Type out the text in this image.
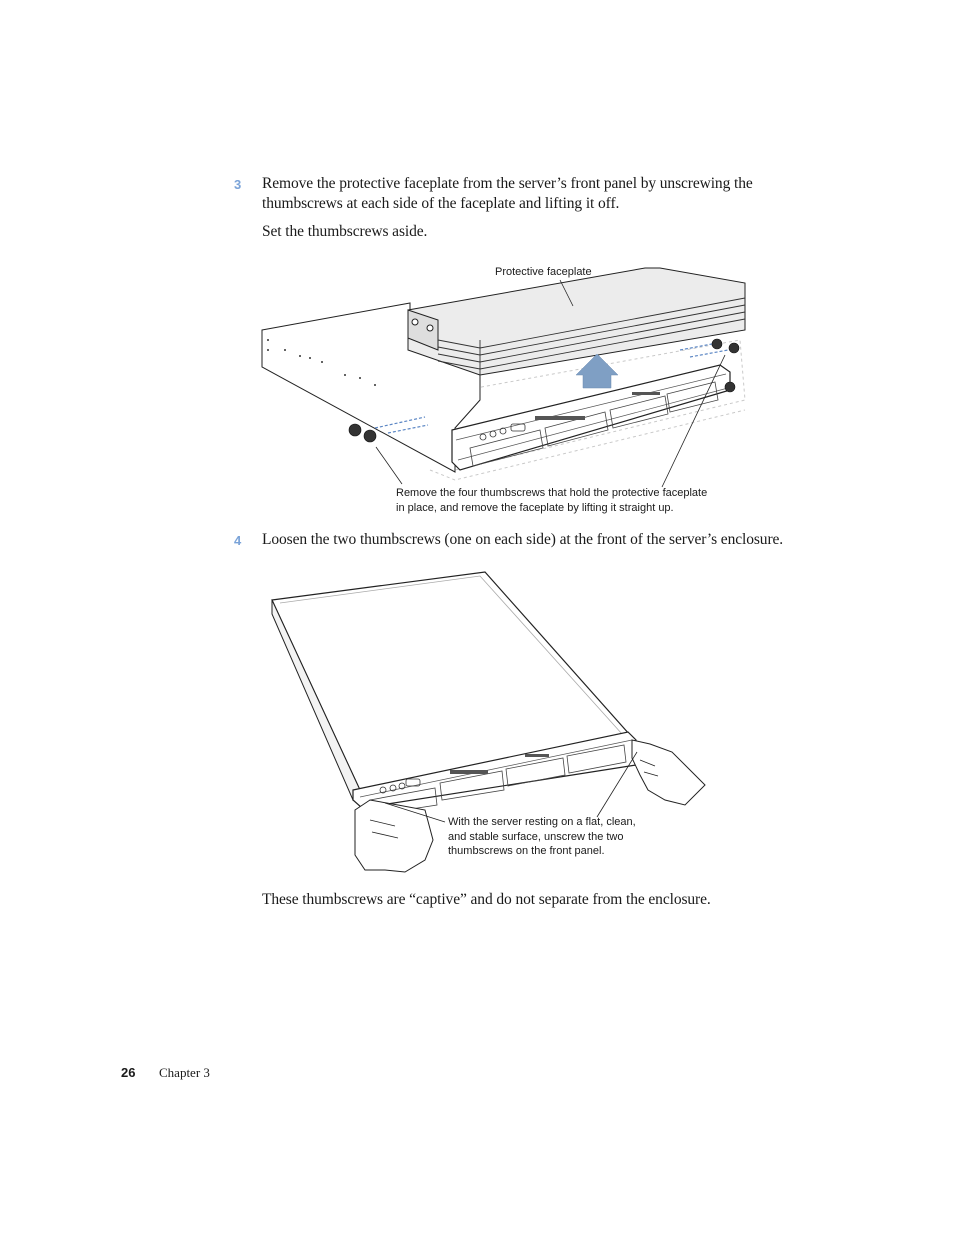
3 Remove the protective faceplate from the server’s front panel by unscrewing the
thumbscrews at each side of the faceplate and lifting it off.
Set the thumbscrews aside.
Protective faceplate
Remove the four thumbscrews that hold the protective faceplate
in place, and remove the faceplate by lifting it straight up.
4 Loosen the two thumbscrews (one on each side) at the front of the server’s enclosure.
With the server resting on a flat, clean,
and stable surface, unscrew the two
thumbscrews on the front panel.
These thumbscrews are “captive” and do not separate from the enclosure.
26 Chapter 3
